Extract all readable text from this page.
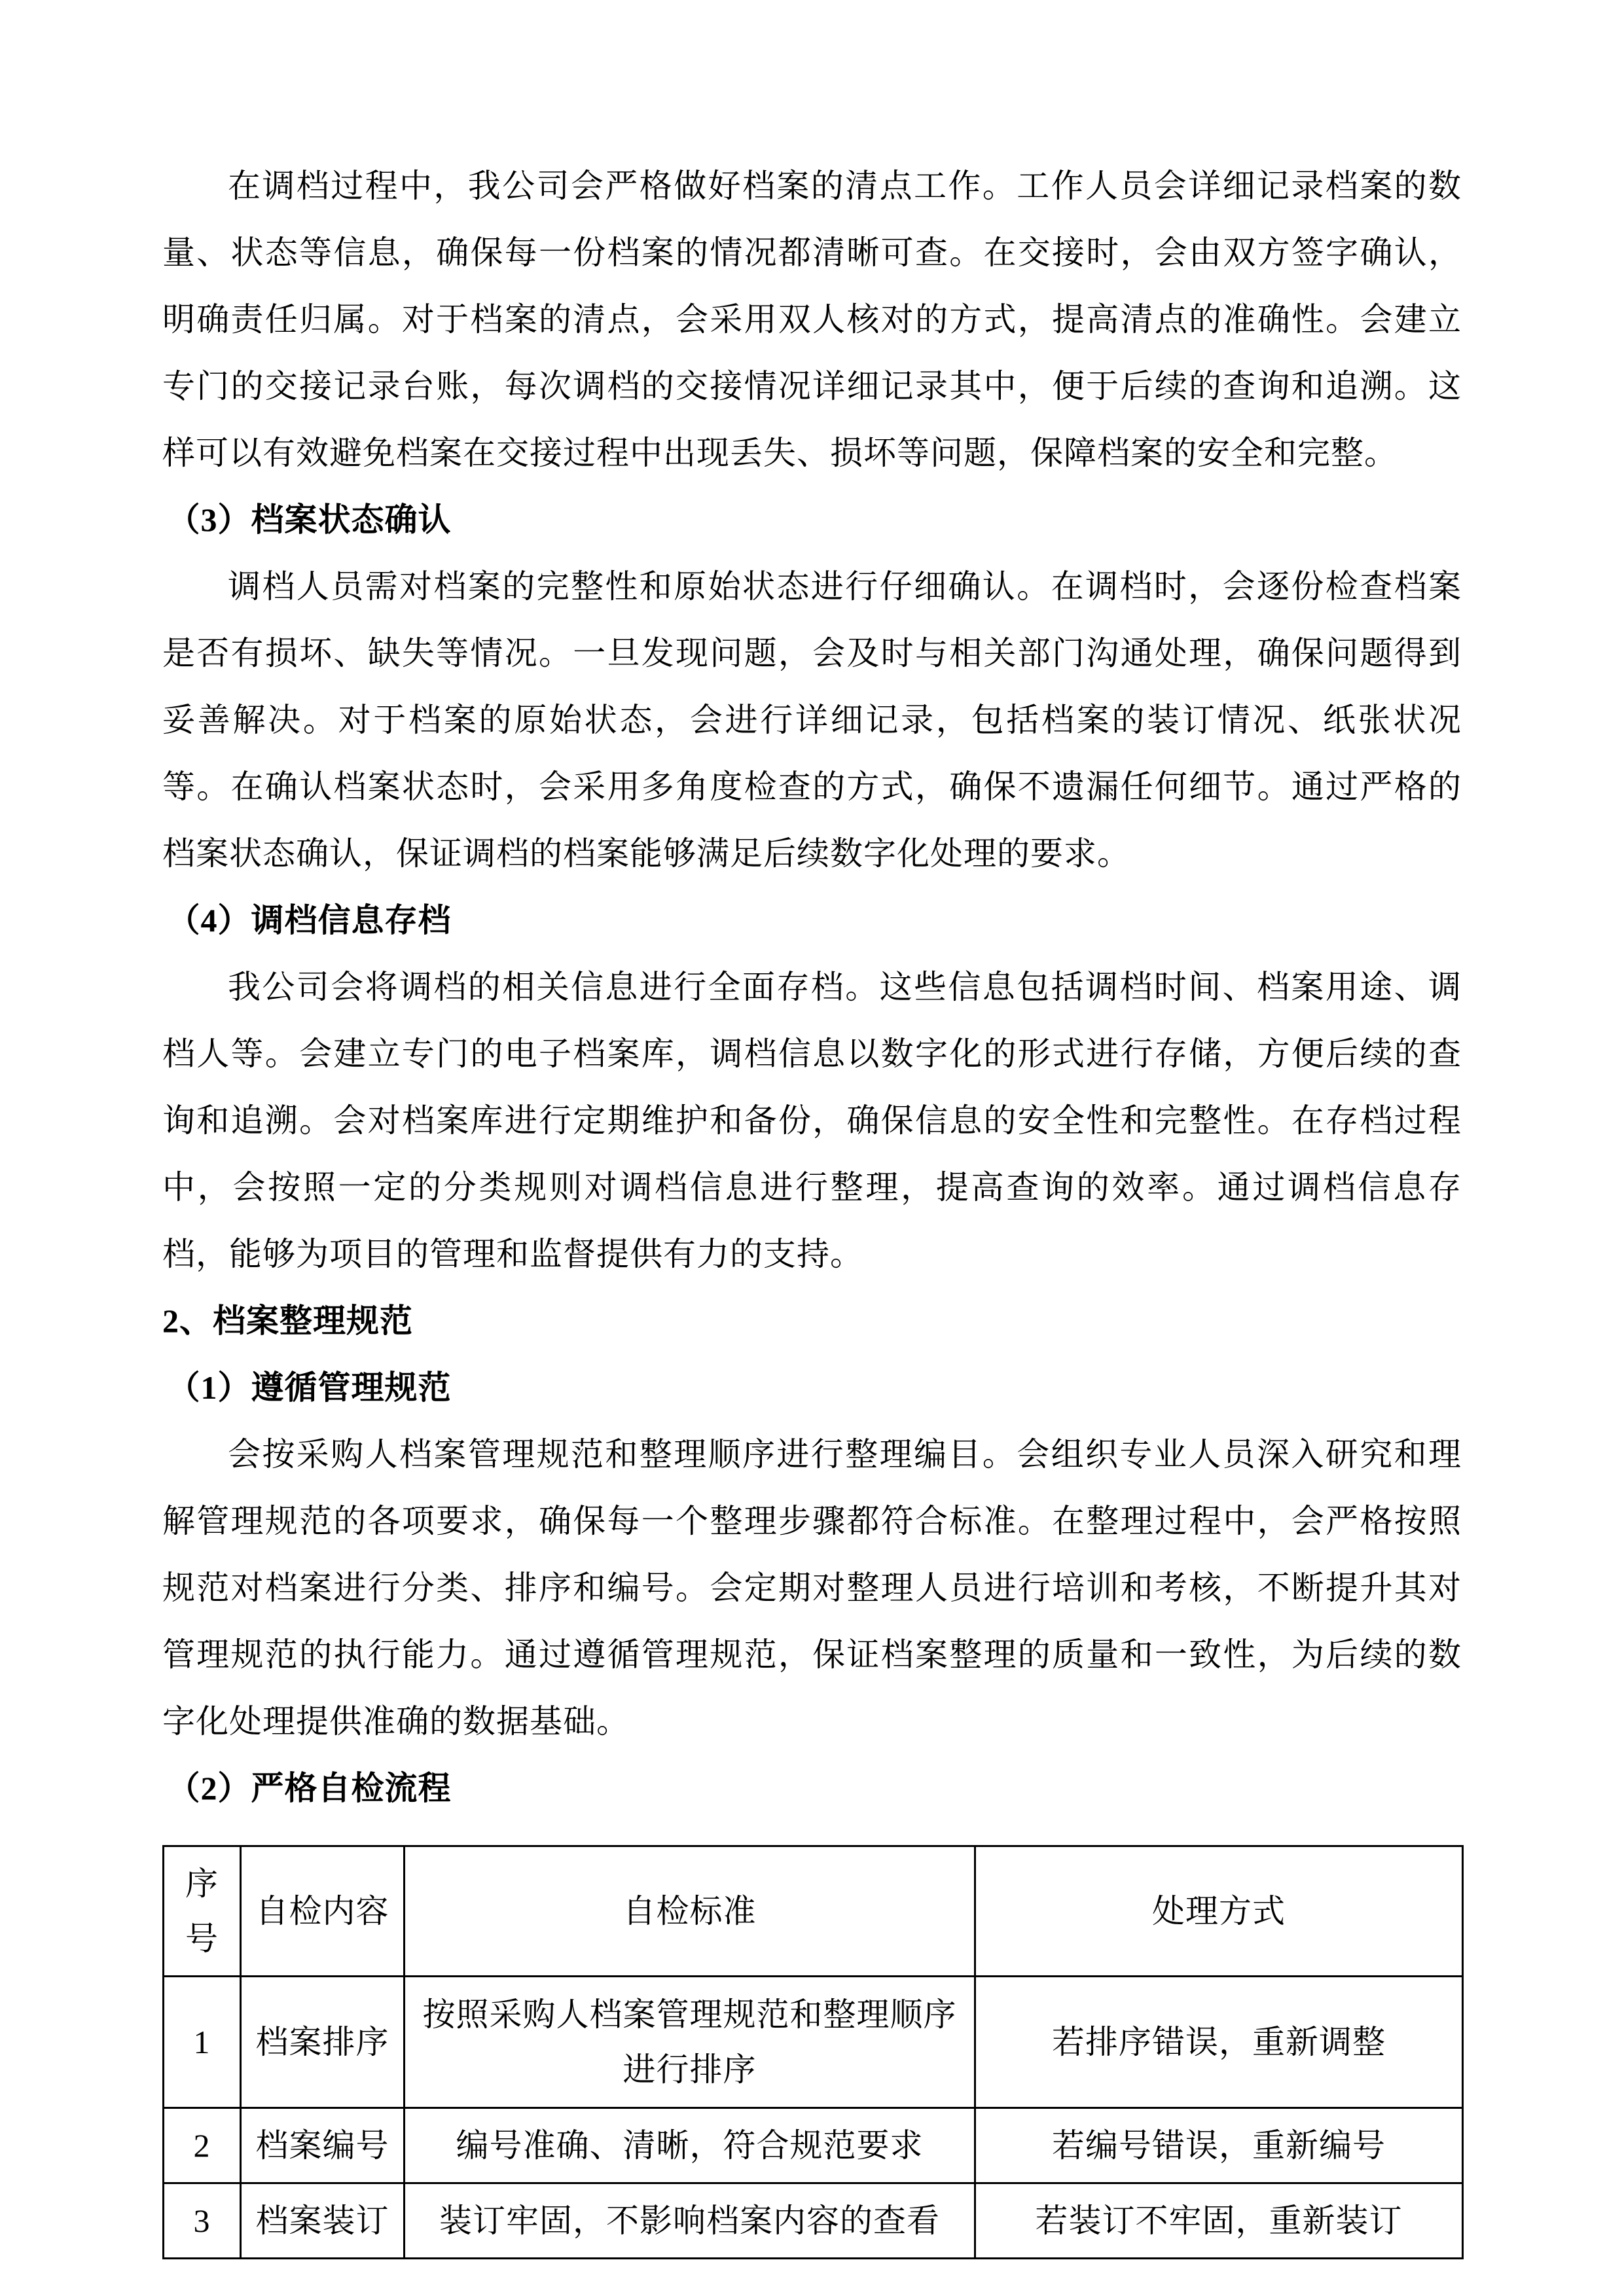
在调档过程中，我公司会严格做好档案的清点工作。工作人员会详细记录档案的数量、状态等信息，确保每一份档案的情况都清晰可查。在交接时，会由双方签字确认，明确责任归属。对于档案的清点，会采用双人核对的方式，提高清点的准确性。会建立专门的交接记录台账，每次调档的交接情况详细记录其中，便于后续的查询和追溯。这样可以有效避免档案在交接过程中出现丢失、损坏等问题，保障档案的安全和完整。

（3）档案状态确认

调档人员需对档案的完整性和原始状态进行仔细确认。在调档时，会逐份检查档案是否有损坏、缺失等情况。一旦发现问题，会及时与相关部门沟通处理，确保问题得到妥善解决。对于档案的原始状态，会进行详细记录，包括档案的装订情况、纸张状况等。在确认档案状态时，会采用多角度检查的方式，确保不遗漏任何细节。通过严格的档案状态确认，保证调档的档案能够满足后续数字化处理的要求。

（4）调档信息存档

我公司会将调档的相关信息进行全面存档。这些信息包括调档时间、档案用途、调档人等。会建立专门的电子档案库，调档信息以数字化的形式进行存储，方便后续的查询和追溯。会对档案库进行定期维护和备份，确保信息的安全性和完整性。在存档过程中，会按照一定的分类规则对调档信息进行整理，提高查询的效率。通过调档信息存档，能够为项目的管理和监督提供有力的支持。

2、档案整理规范

（1）遵循管理规范

会按采购人档案管理规范和整理顺序进行整理编目。会组织专业人员深入研究和理解管理规范的各项要求，确保每一个整理步骤都符合标准。在整理过程中，会严格按照规范对档案进行分类、排序和编号。会定期对整理人员进行培训和考核，不断提升其对管理规范的执行能力。通过遵循管理规范，保证档案整理的质量和一致性，为后续的数字化处理提供准确的数据基础。

（2）严格自检流程

序号	自检内容	自检标准	处理方式
1	档案排序	按照采购人档案管理规范和整理顺序进行排序	若排序错误，重新调整
2	档案编号	编号准确、清晰，符合规范要求	若编号错误，重新编号
3	档案装订	装订牢固，不影响档案内容的查看	若装订不牢固，重新装订
